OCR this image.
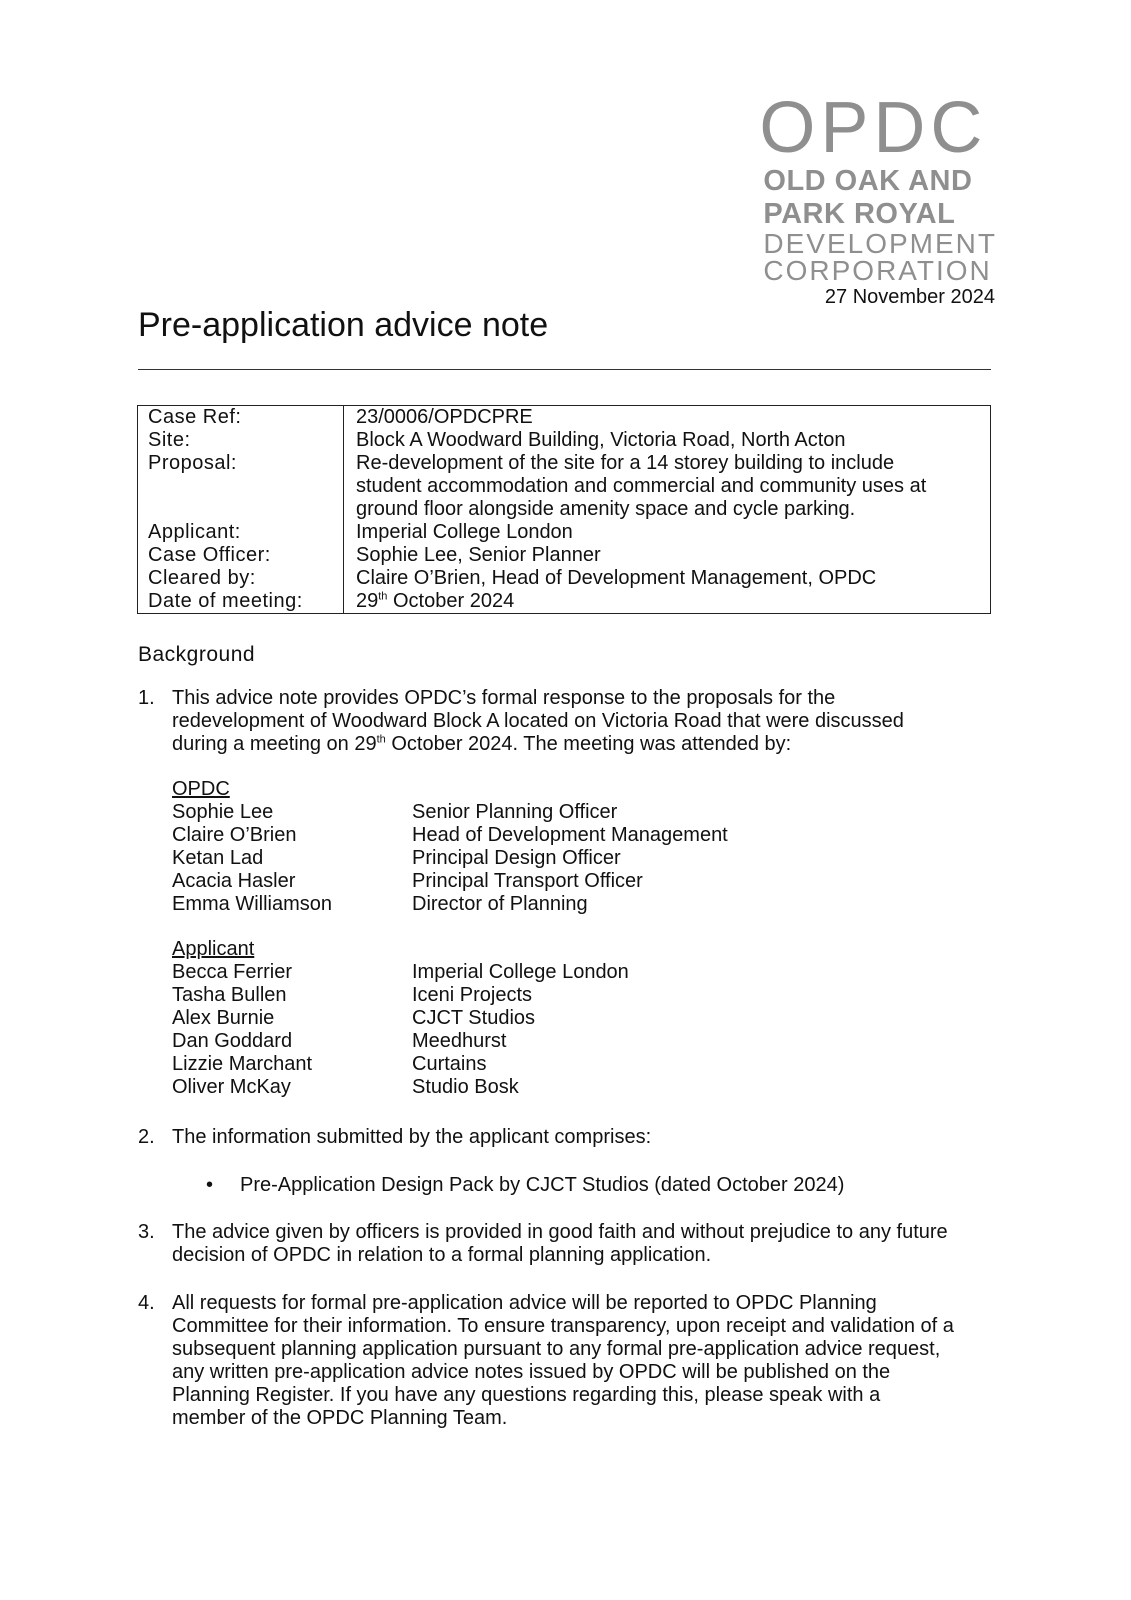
OPDC
OLD OAK AND
PARK ROYAL
DEVELOPMENT
CORPORATION
27 November 2024
Pre-application advice note
Case Ref:	23/0006/OPDCPRE
Site:	Block A Woodward Building, Victoria Road, North Acton
Proposal:	Re-development of the site for a 14 storey building to include
student accommodation and commercial and community uses at
ground floor alongside amenity space and cycle parking.

Applicant:	Imperial College London
Case Officer:	Sophie Lee, Senior Planner
Cleared by:	Claire O’Brien, Head of Development Management, OPDC
Date of meeting:	29th October 2024
Background
1. This advice note provides OPDC’s formal response to the proposals for the
redevelopment of Woodward Block A located on Victoria Road that were discussed
during a meeting on 29th October 2024. The meeting was attended by:
OPDC
Sophie Lee	Senior Planning Officer
Claire O’Brien	Head of Development Management
Ketan Lad	Principal Design Officer
Acacia Hasler	Principal Transport Officer
Emma Williamson	Director of Planning
Applicant
Becca Ferrier	Imperial College London
Tasha Bullen	Iceni Projects
Alex Burnie	CJCT Studios
Dan Goddard	Meedhurst
Lizzie Marchant	Curtains
Oliver McKay	Studio Bosk
2. The information submitted by the applicant comprises:
• Pre-Application Design Pack by CJCT Studios (dated October 2024)
3. The advice given by officers is provided in good faith and without prejudice to any future
decision of OPDC in relation to a formal planning application.
4. All requests for formal pre-application advice will be reported to OPDC Planning
Committee for their information. To ensure transparency, upon receipt and validation of a
subsequent planning application pursuant to any formal pre-application advice request,
any written pre-application advice notes issued by OPDC will be published on the
Planning Register. If you have any questions regarding this, please speak with a
member of the OPDC Planning Team.
